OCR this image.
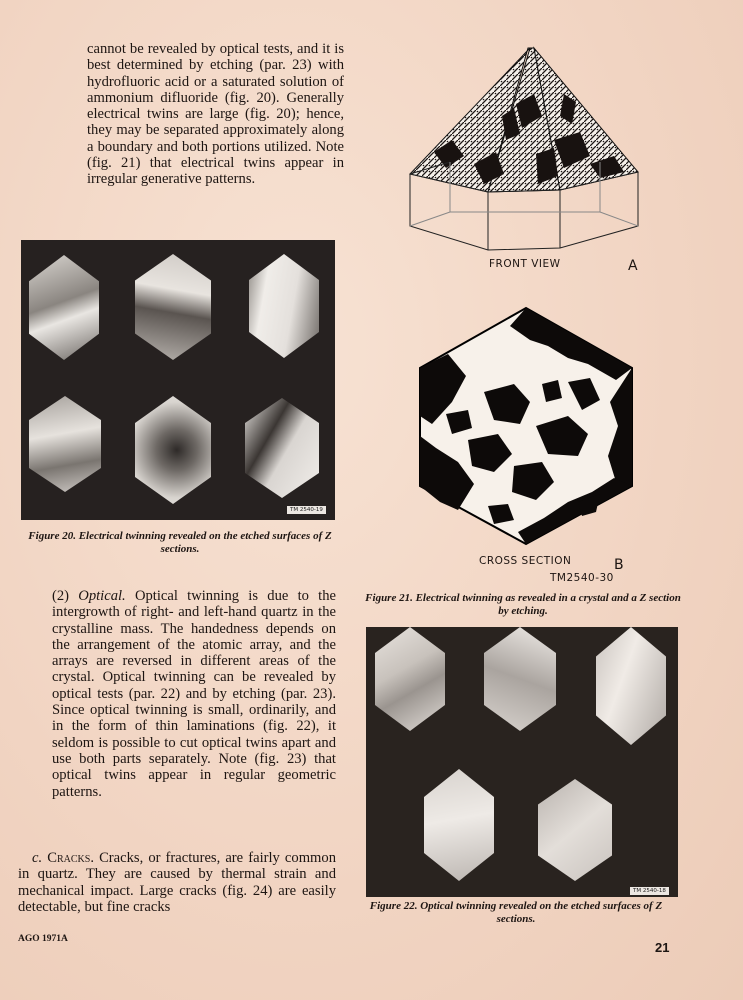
cannot be revealed by optical tests, and it is best determined by etching (par. 23) with hydrofluoric acid or a saturated solution of ammonium difluoride (fig. 20). Generally electrical twins are large (fig. 20); hence, they may be separated approximately along a boundary and both portions utilized. Note (fig. 21) that electrical twins appear in irregular generative patterns.

TM 2540-19

Figure 20. Electrical twinning revealed on the etched surfaces of Z sections.

FRONT VIEW	A
CROSS SECTION	B
TM2540-30

Figure 21. Electrical twinning as revealed in a crystal and a Z section by etching.

(2) Optical. Optical twinning is due to the intergrowth of right- and left-hand quartz in the crystalline mass. The handedness depends on the arrangement of the atomic array, and the arrays are reversed in different areas of the crystal. Optical twinning can be revealed by optical tests (par. 22) and by etching (par. 23). Since optical twinning is small, ordinarily, and in the form of thin laminations (fig. 22), it seldom is possible to cut optical twins apart and use both parts separately. Note (fig. 23) that optical twins appear in regular geometric patterns.

c. Cracks. Cracks, or fractures, are fairly common in quartz. They are caused by thermal strain and mechanical impact. Large cracks (fig. 24) are easily detectable, but fine cracks

TM 2540-18

Figure 22. Optical twinning revealed on the etched surfaces of Z sections.

AGO 1971A
21
